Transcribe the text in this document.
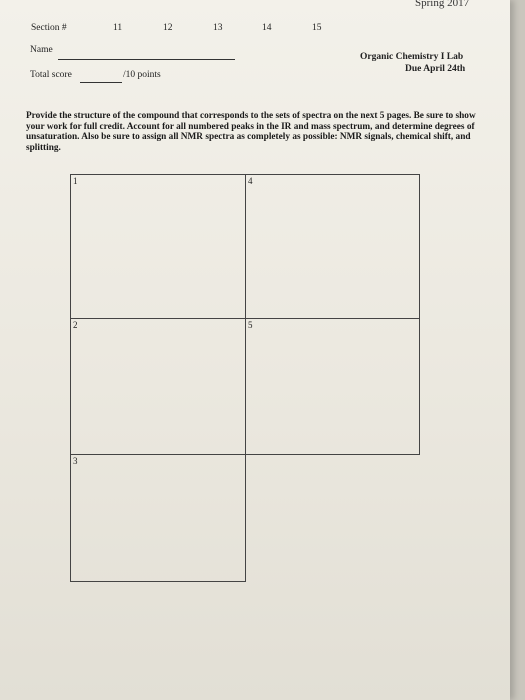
Spring 2017
Section #	11	12	13	14	15
Name
Organic Chemistry I Lab
Due April 24th
Total score	/10 points
Provide the structure of the compound that corresponds to the sets of spectra on the next 5 pages. Be sure to show your work for full credit. Account for all numbered peaks in the IR and mass spectrum, and determine degrees of unsaturation. Also be sure to assign all NMR spectra as completely as possible: NMR signals, chemical shift, and splitting.
1	4
2	5
3
